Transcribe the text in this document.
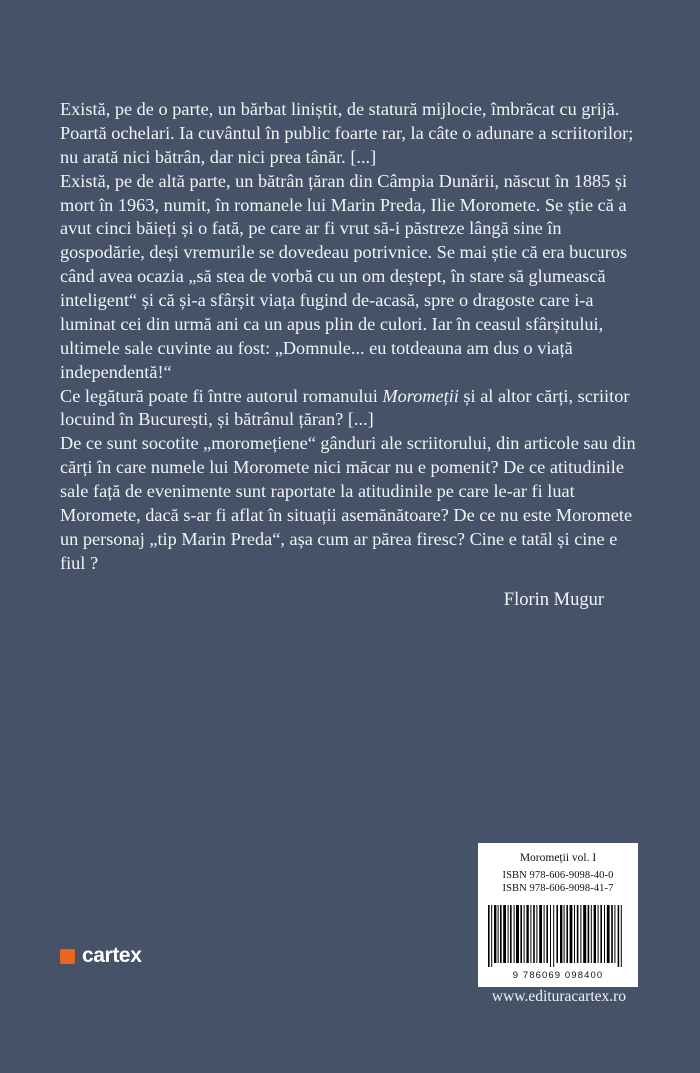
Există, pe de o parte, un bărbat liniștit, de statură mijlocie, îmbrăcat cu grijă. Poartă ochelari. Ia cuvântul în public foarte rar, la câte o adunare a scriitorilor; nu arată nici bătrân, dar nici prea tânăr. [...]

Există, pe de altă parte, un bătrân țăran din Câmpia Dunării, născut în 1885 și mort în 1963, numit, în romanele lui Marin Preda, Ilie Moromete. Se știe că a avut cinci băieți și o fată, pe care ar fi vrut să-i păstreze lângă sine în gospodărie, deși vremurile se dovedeau potrivnice. Se mai știe că era bucuros când avea ocazia „să stea de vorbă cu un om deștept, în stare să glumească inteligent“ și că și-a sfârșit viața fugind de-acasă, spre o dragoste care i-a luminat cei din urmă ani ca un apus plin de culori. Iar în ceasul sfârșitului, ultimele sale cuvinte au fost: „Domnule... eu totdeauna am dus o viață independentă!“

Ce legătură poate fi între autorul romanului Moromeții și al altor cărți, scriitor locuind în București, și bătrânul țăran? [...]

De ce sunt socotite „moromețiene“ gânduri ale scriitorului, din articole sau din cărți în care numele lui Moromete nici măcar nu e pomenit? De ce atitudinile sale față de evenimente sunt raportate la atitudinile pe care le-ar fi luat Moromete, dacă s-ar fi aflat în situații asemănătoare? De ce nu este Moromete un personaj „tip Marin Preda“, așa cum ar părea firesc? Cine e tatăl și cine e fiul ?

Florin Mugur
Moromeții vol. I
ISBN 978-606-9098-40-0
ISBN 978-606-9098-41-7
9 786069 098400
www.edituracartex.ro
cartex
